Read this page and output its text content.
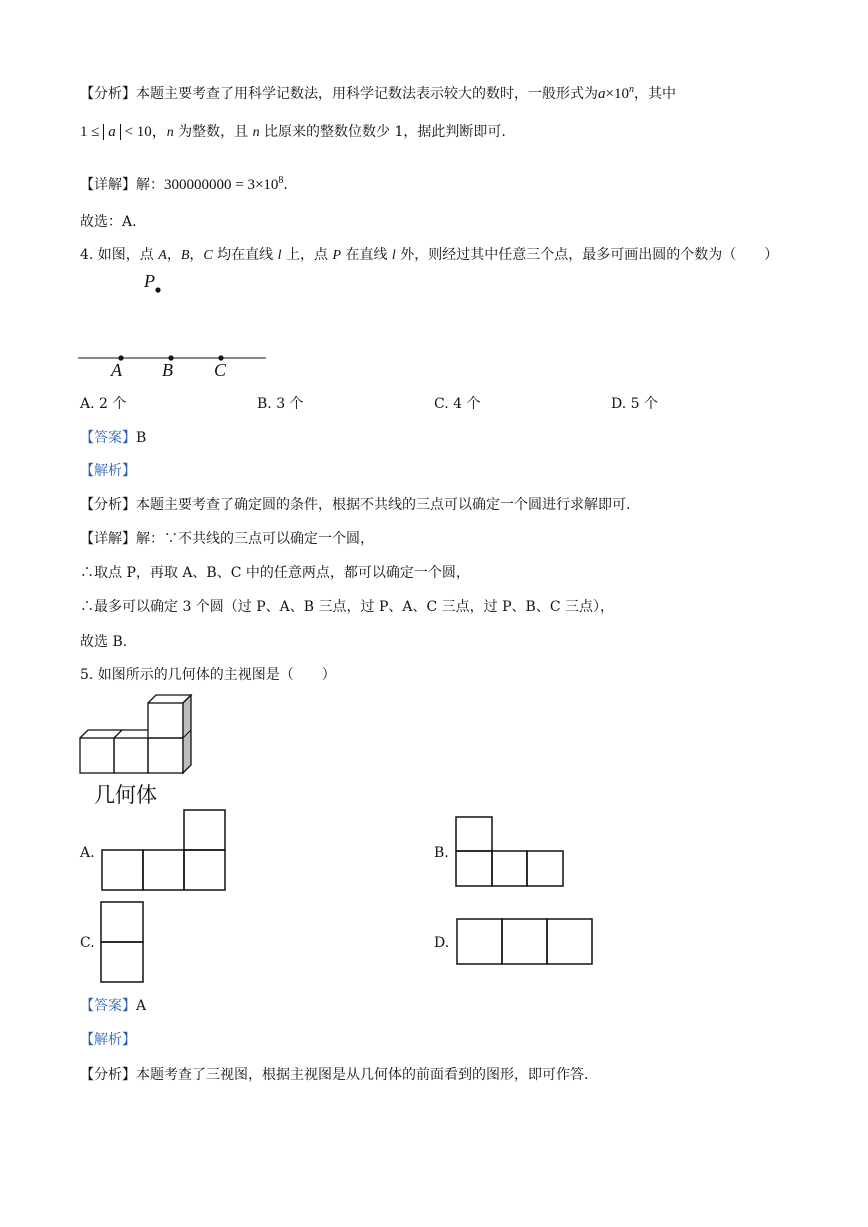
【分析】本题主要考查了用科学记数法，用科学记数法表示较大的数时，一般形式为$a\times 10^n$，其中
1 ≤ a < 10，n 为整数，且 n 比原来的整数位数少 1，据此判断即可.
【详解】解：$300000000 = 3\times 10^8$.
故选：A.
4. 如图，点 A，B，C 均在直线 l 上，点 P 在直线 l 外，则经过其中任意三个点，最多可画出圆的个数为（　　）
P
A B C
A. 2 个	B. 3 个	C. 4 个	D. 5 个
【答案】B
【解析】
【分析】本题主要考查了确定圆的条件，根据不共线的三点可以确定一个圆进行求解即可.
【详解】解：∵不共线的三点可以确定一个圆，
∴取点 P，再取 A、B、C 中的任意两点，都可以确定一个圆，
∴最多可以确定 3 个圆（过 P、A、B 三点，过 P、A、C 三点，过 P、B、C 三点），
故选 B.
5. 如图所示的几何体的主视图是（　　）
几何体
A.	B.
C.	D.
【答案】A
【解析】
【分析】本题考查了三视图，根据主视图是从几何体的前面看到的图形，即可作答.
